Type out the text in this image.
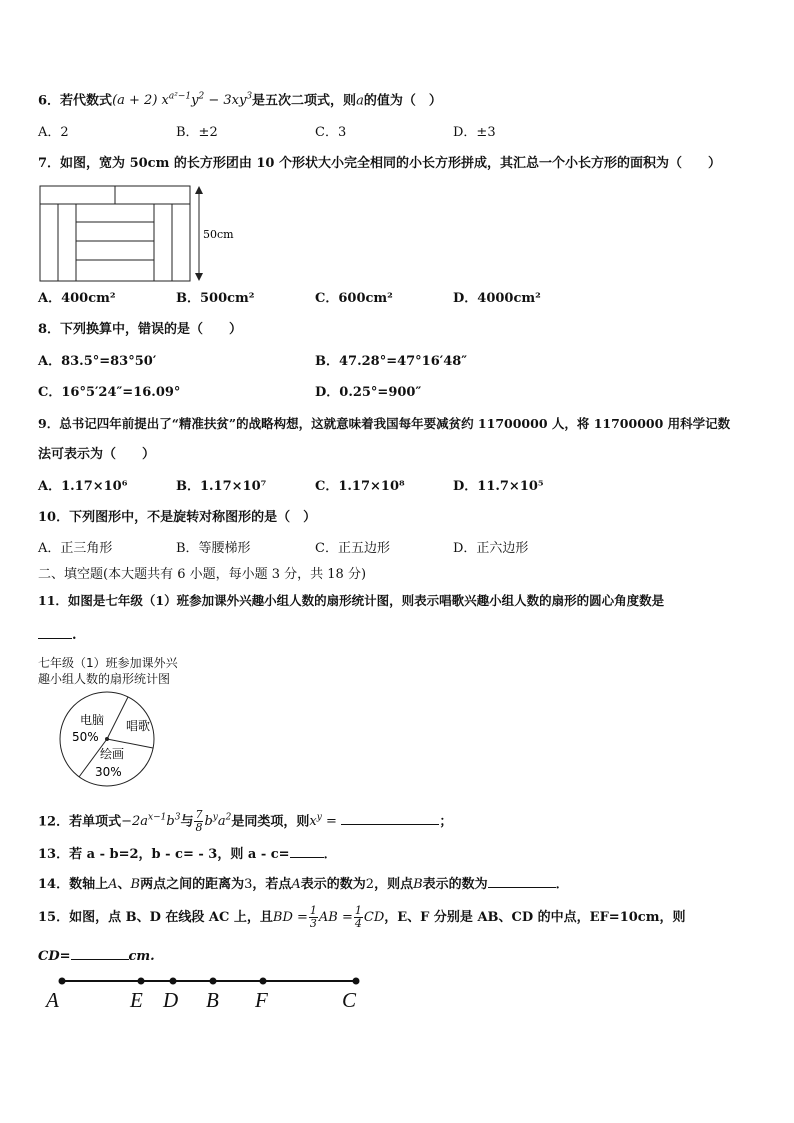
6．若代数式(a + 2) $x^{a^2-1}y^2 - 3xy^3$是五次二项式，则a的值为（　）
A．2	B．±2	C．3	D．±3
7．如图，宽为 50cm 的长方形团由 10 个形状大小完全相同的小长方形拼成，其汇总一个小长方形的面积为（　　）
50cm
A．400cm²	B．500cm²	C．600cm²	D．4000cm²
8．下列换算中，错误的是（　　）
A．83.5°=83°50′	B．47.28°=47°16′48″
C．16°5′24″=16.09°	D．0.25°=900″
9．总书记四年前提出了“精准扶贫”的战略构想，这就意味着我国每年要减贫约 11700000 人，将 11700000 用科学记数
法可表示为（　　）
A．1.17×10⁶	B．1.17×10⁷	C．1.17×10⁸	D．11.7×10⁵
10．下列图形中，不是旋转对称图形的是（　）
A．正三角形	B．等腰梯形	C．正五边形	D．正六边形
二、填空题(本大题共有 6 小题，每小题 3 分，共 18 分)
11．如图是七年级（1）班参加课外兴趣小组人数的扇形统计图，则表示唱歌兴趣小组人数的扇形的圆心角度数是
.
七年级（1）班参加课外兴
趣小组人数的扇形统计图
电脑
50%
唱歌
绘画
30%
12．若单项式$-2a^{x-1}b^3$与 $\frac{7}{8} b^ya^2$是同类项，则$x^y$ =	；
13．若 a - b=2，b - c= - 3，则 a - c=	．
14．数轴上A、B两点之间的距离为3，若点A表示的数为2，则点B表示的数为	．
15．如图，点 B、D 在线段 AC 上，且BD = $\frac{1}{3}$ AB = $\frac{1}{4}$ CD，E、F 分别是 AB、CD 的中点，EF=10cm，则
CD=	cm.
A	E D B F	C
